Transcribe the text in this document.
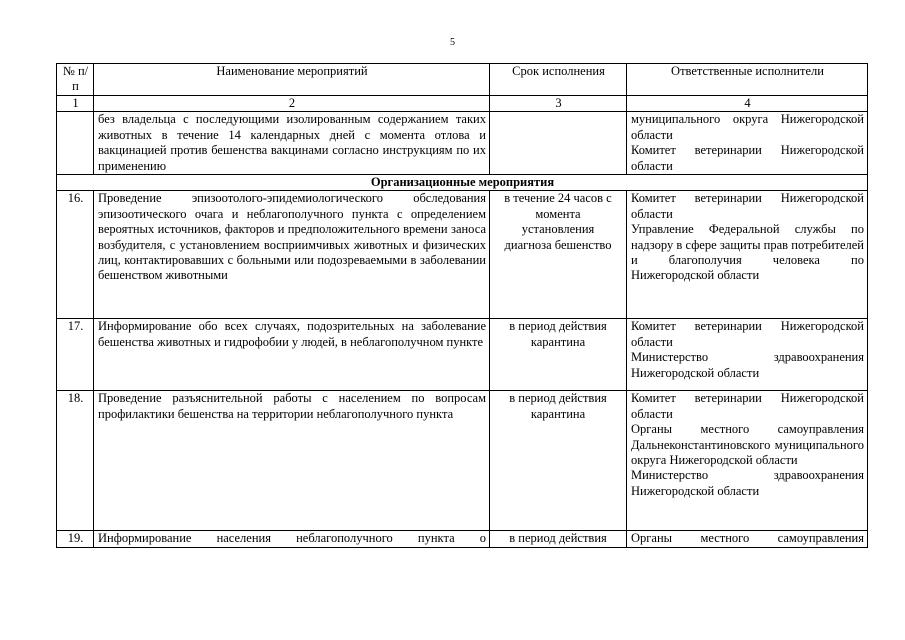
5
№ п/п	Наименование мероприятий	Срок исполнения	Ответственные исполнители
1	2	3	4
	без владельца с последующими изолированным содержанием таких животных в течение 14 календарных дней с момента отлова и вакцинацией против бешенства вакцинами согласно инструкциям по их применению		муниципального округа Нижегородской области
Комитет ветеринарии Нижегородской области

Организационные мероприятия			
16.	Проведение эпизоотолого-эпидемиологического обследования эпизоотического очага и неблагополучного пункта с определением вероятных источников, факторов и предположительного времени заноса возбудителя, с установлением восприимчивых животных и физических лиц, контактировавших с больными или подозреваемыми в заболевании бешенством животными	в течение 24 часов с момента установления диагноза бешенство	Комитет ветеринарии Нижегородской области
Управление Федеральной службы по надзору в сфере защиты прав потребителей и благополучия человека по Нижегородской области

17.	Информирование обо всех случаях, подозрительных на заболевание бешенства животных и гидрофобии у людей, в неблагополучном пункте	в период действия карантина	Комитет ветеринарии Нижегородской области
Министерство здравоохранения Нижегородской области

18.	Проведение разъяснительной работы с населением по вопросам профилактики бешенства на территории неблагополучного пункта	в период действия карантина	Комитет ветеринарии Нижегородской области
Органы местного самоуправления Дальнеконстантиновского муниципального округа Нижегородской области
Министерство здравоохранения Нижегородской области

19.	Информирование населения неблагополучного пункта о	в период действия	Органы местного самоуправления
